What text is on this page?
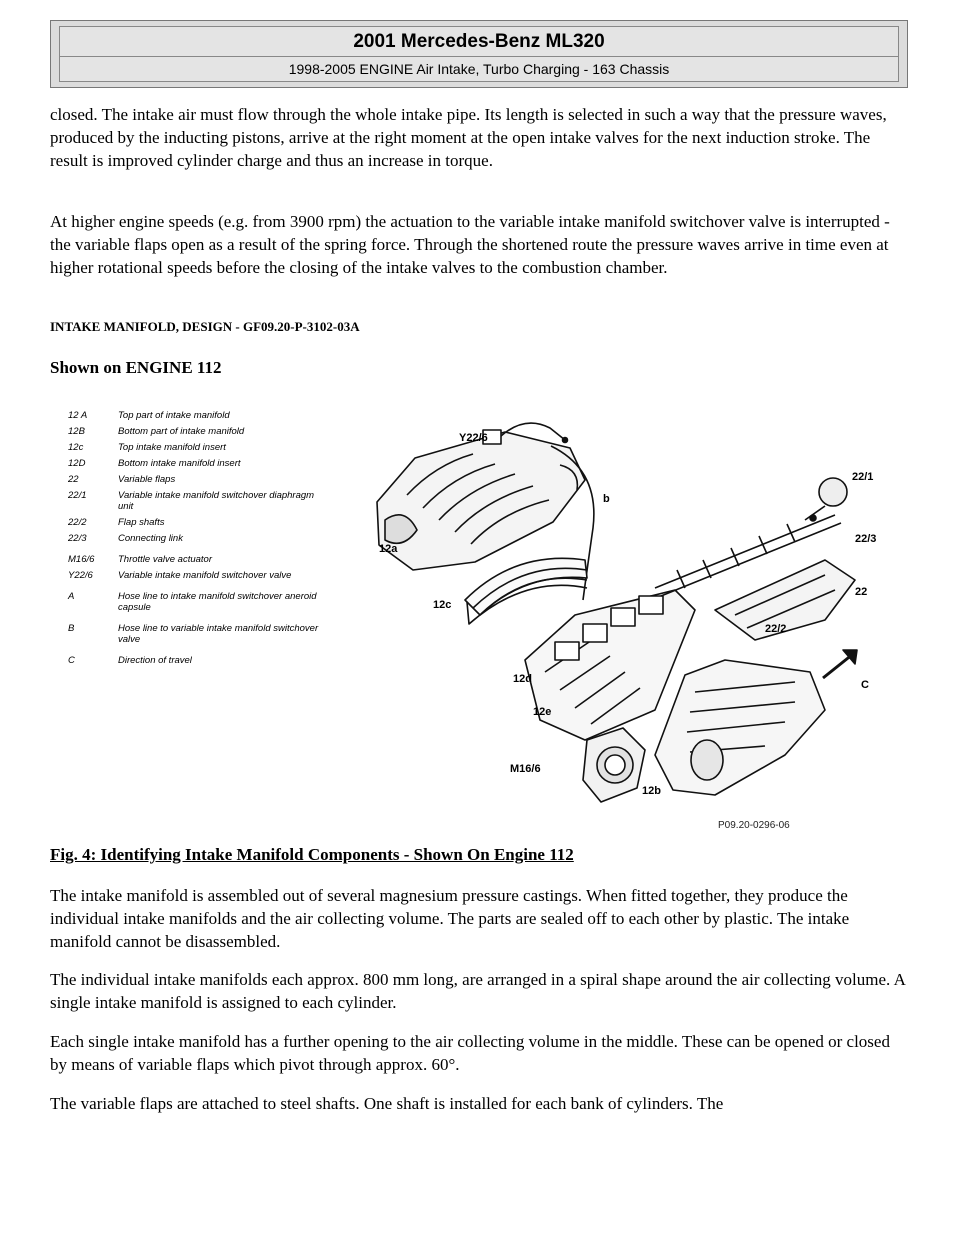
2001 Mercedes-Benz ML320
1998-2005 ENGINE Air Intake, Turbo Charging - 163 Chassis

closed. The intake air must flow through the whole intake pipe. Its length is selected in such a way that the pressure waves, produced by the inducting pistons, arrive at the right moment at the open intake valves for the next induction stroke. The result is improved cylinder charge and thus an increase in torque.

At higher engine speeds (e.g. from 3900 rpm) the actuation to the variable intake manifold switchover valve is interrupted - the variable flaps open as a result of the spring force. Through the shortened route the pressure waves arrive in time even at higher rotational speeds before the closing of the intake valves to the combustion chamber.

INTAKE MANIFOLD, DESIGN - GF09.20-P-3102-03A

Shown on ENGINE 112

12 A	Top part of intake manifold
12B	Bottom part of intake manifold
12c	Top intake manifold insert
12D	Bottom intake manifold insert
22	Variable flaps
22/1	Variable intake manifold switchover diaphragm unit
22/2	Flap shafts
22/3	Connecting link
M16/6	Throttle valve actuator
Y22/6	Variable intake manifold switchover valve
A	Hose line to intake manifold switchover aneroid capsule
B	Hose line to variable intake manifold switchover valve
C	Direction of travel
Y22/6
b
22/1
22/3
22
12a
12c
22/2
12d
12e
M16/6
12b
C
P09.20-0296-06

Fig. 4: Identifying Intake Manifold Components - Shown On Engine 112

The intake manifold is assembled out of several magnesium pressure castings. When fitted together, they produce the individual intake manifolds and the air collecting volume. The parts are sealed off to each other by plastic. The intake manifold cannot be disassembled.

The individual intake manifolds each approx. 800 mm long, are arranged in a spiral shape around the air collecting volume. A single intake manifold is assigned to each cylinder.

Each single intake manifold has a further opening to the air collecting volume in the middle. These can be opened or closed by means of variable flaps which pivot through approx. 60°.

The variable flaps are attached to steel shafts. One shaft is installed for each bank of cylinders. The
